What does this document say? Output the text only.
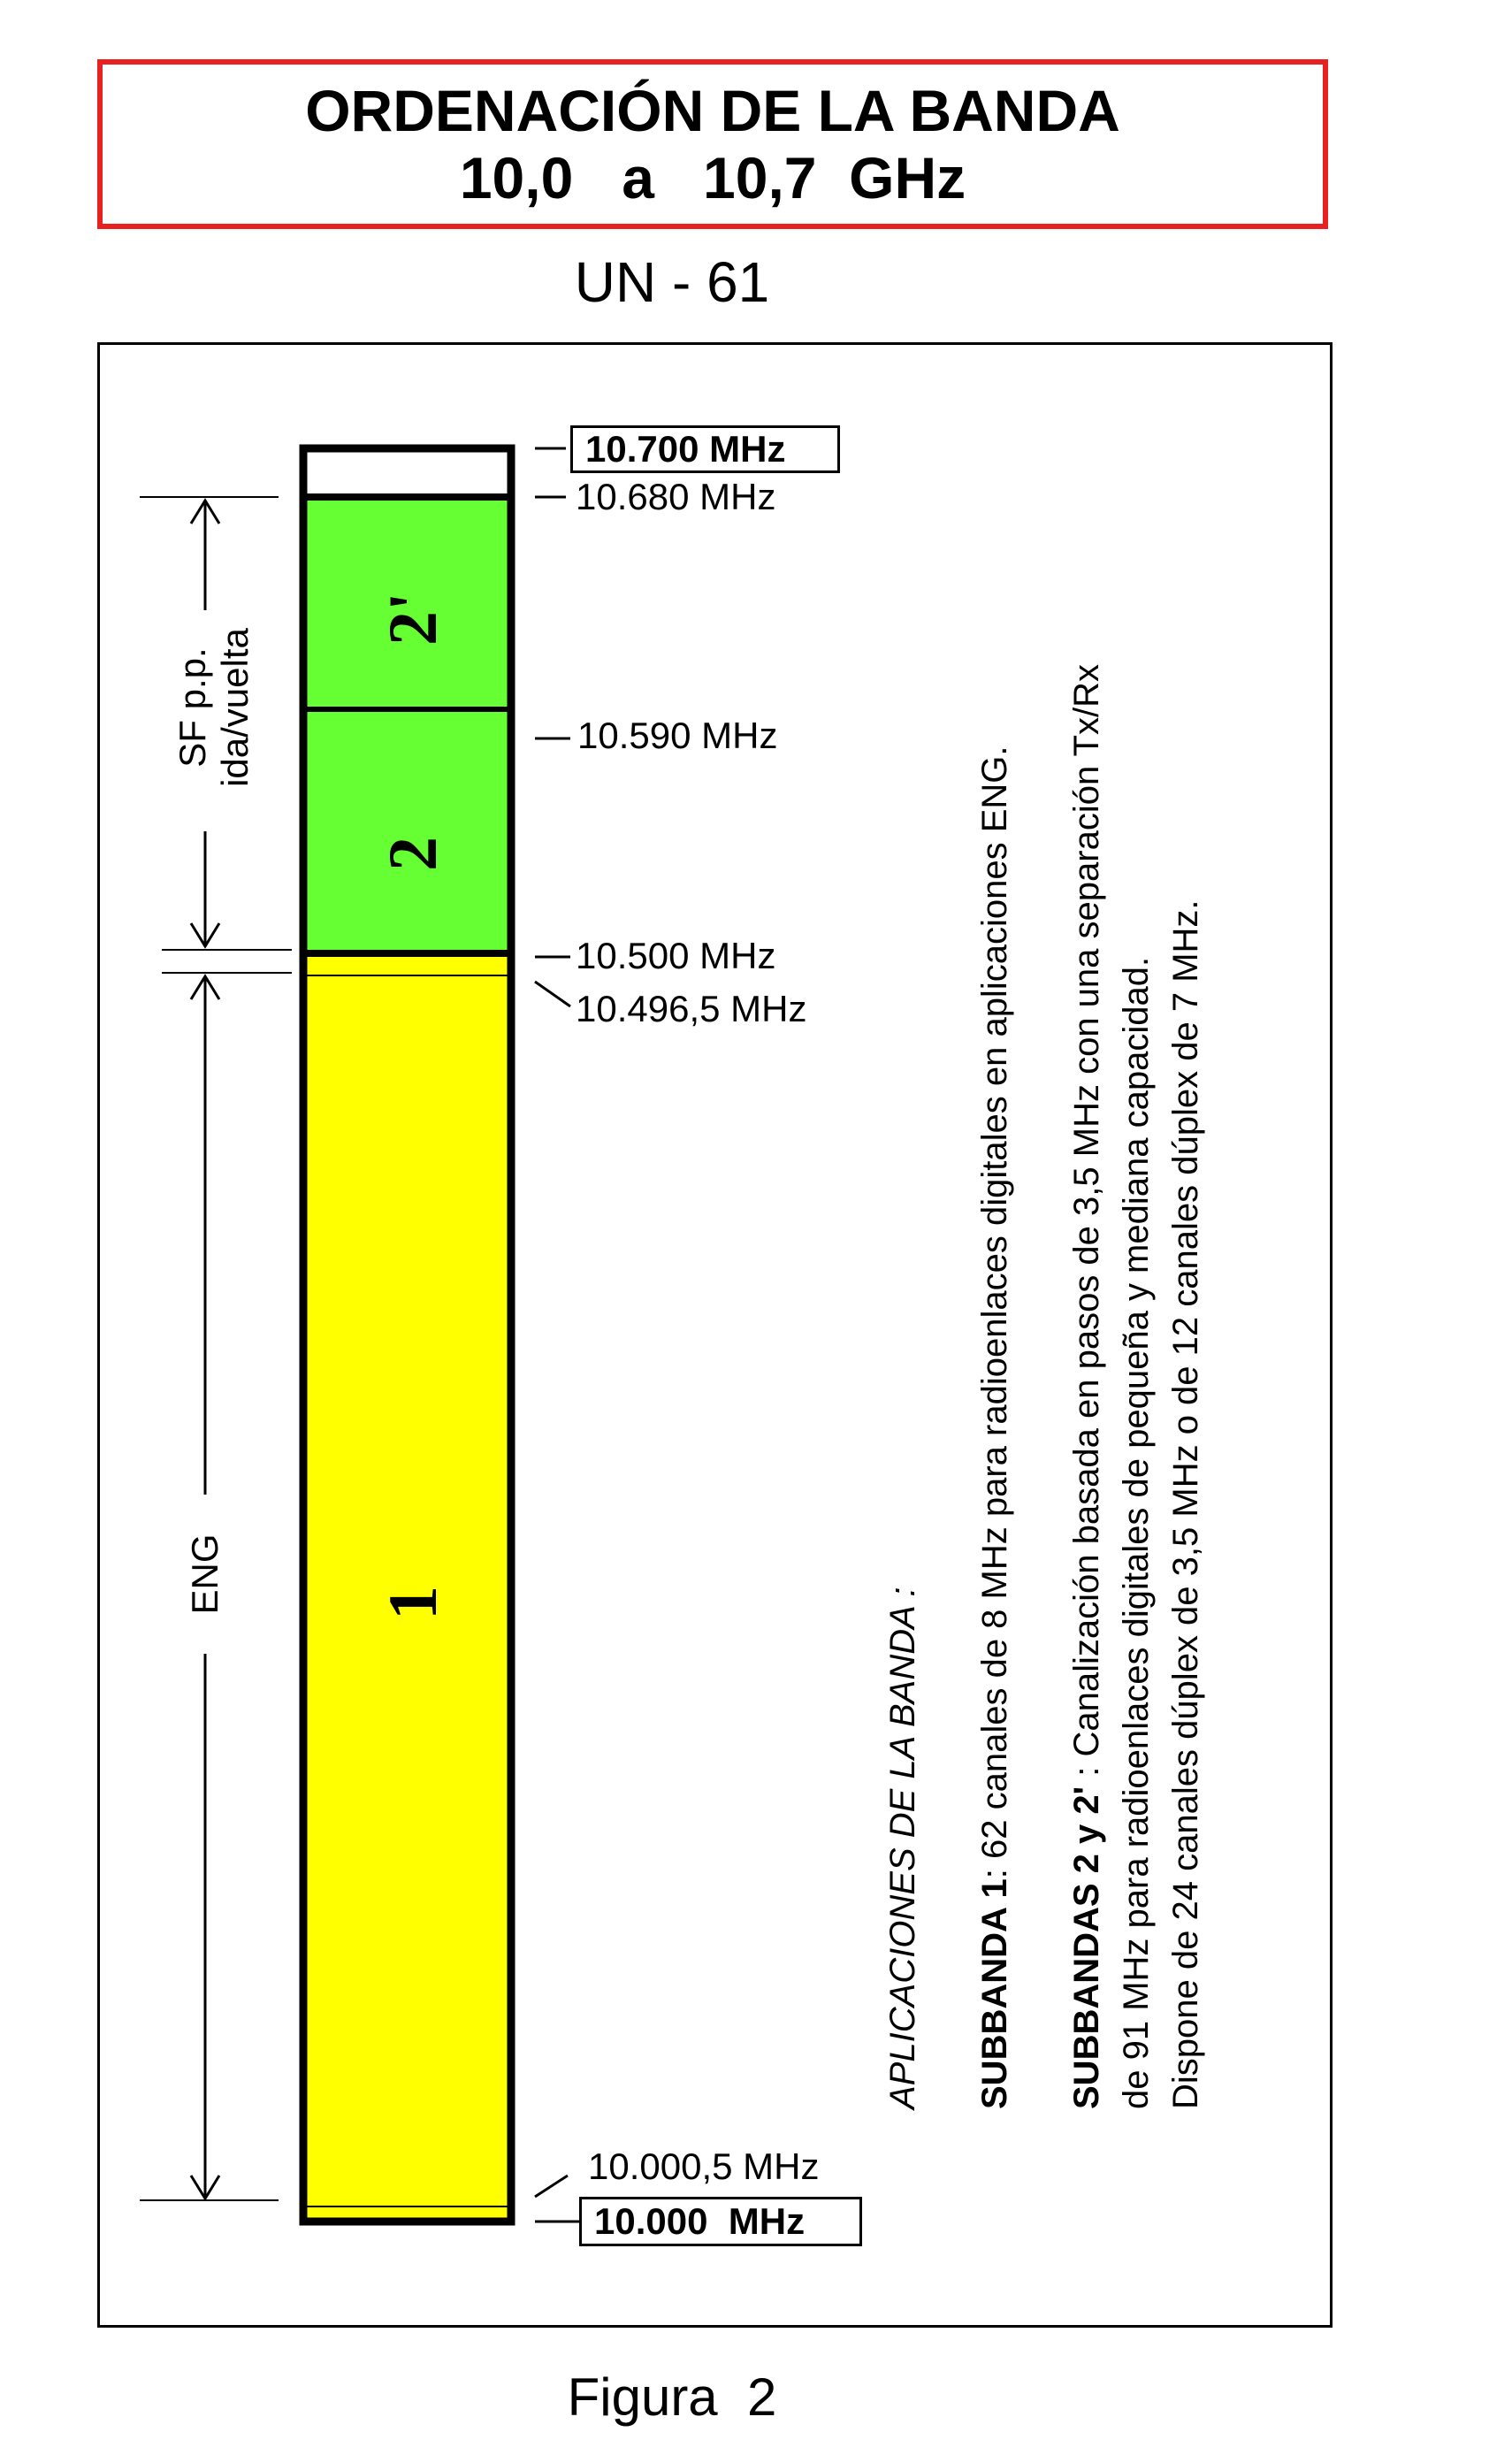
ORDENACIÓN DE LA BANDA
10,0   a   10,7  GHz
UN - 61
10.700 MHz
10.680 MHz
10.590 MHz
10.500 MHz
10.496,5 MHz
10.000,5 MHz
10.000  MHz
2'
2
1
SF p.p. ida/vuelta
ENG
APLICACIONES DE LA BANDA : SUBBANDA 1: 62 canales de 8 MHz para radioenlaces digitales en aplicaciones ENG.
SUBBANDAS 2 y 2' : Canalización basada en pasos de 3,5 MHz con una separación Tx/Rx de 91 MHz para radioenlaces digitales de pequeña y mediana capacidad. Dispone de 24 canales dúplex de 3,5 MHz o de 12 canales dúplex de 7 MHz.
Figura  2
